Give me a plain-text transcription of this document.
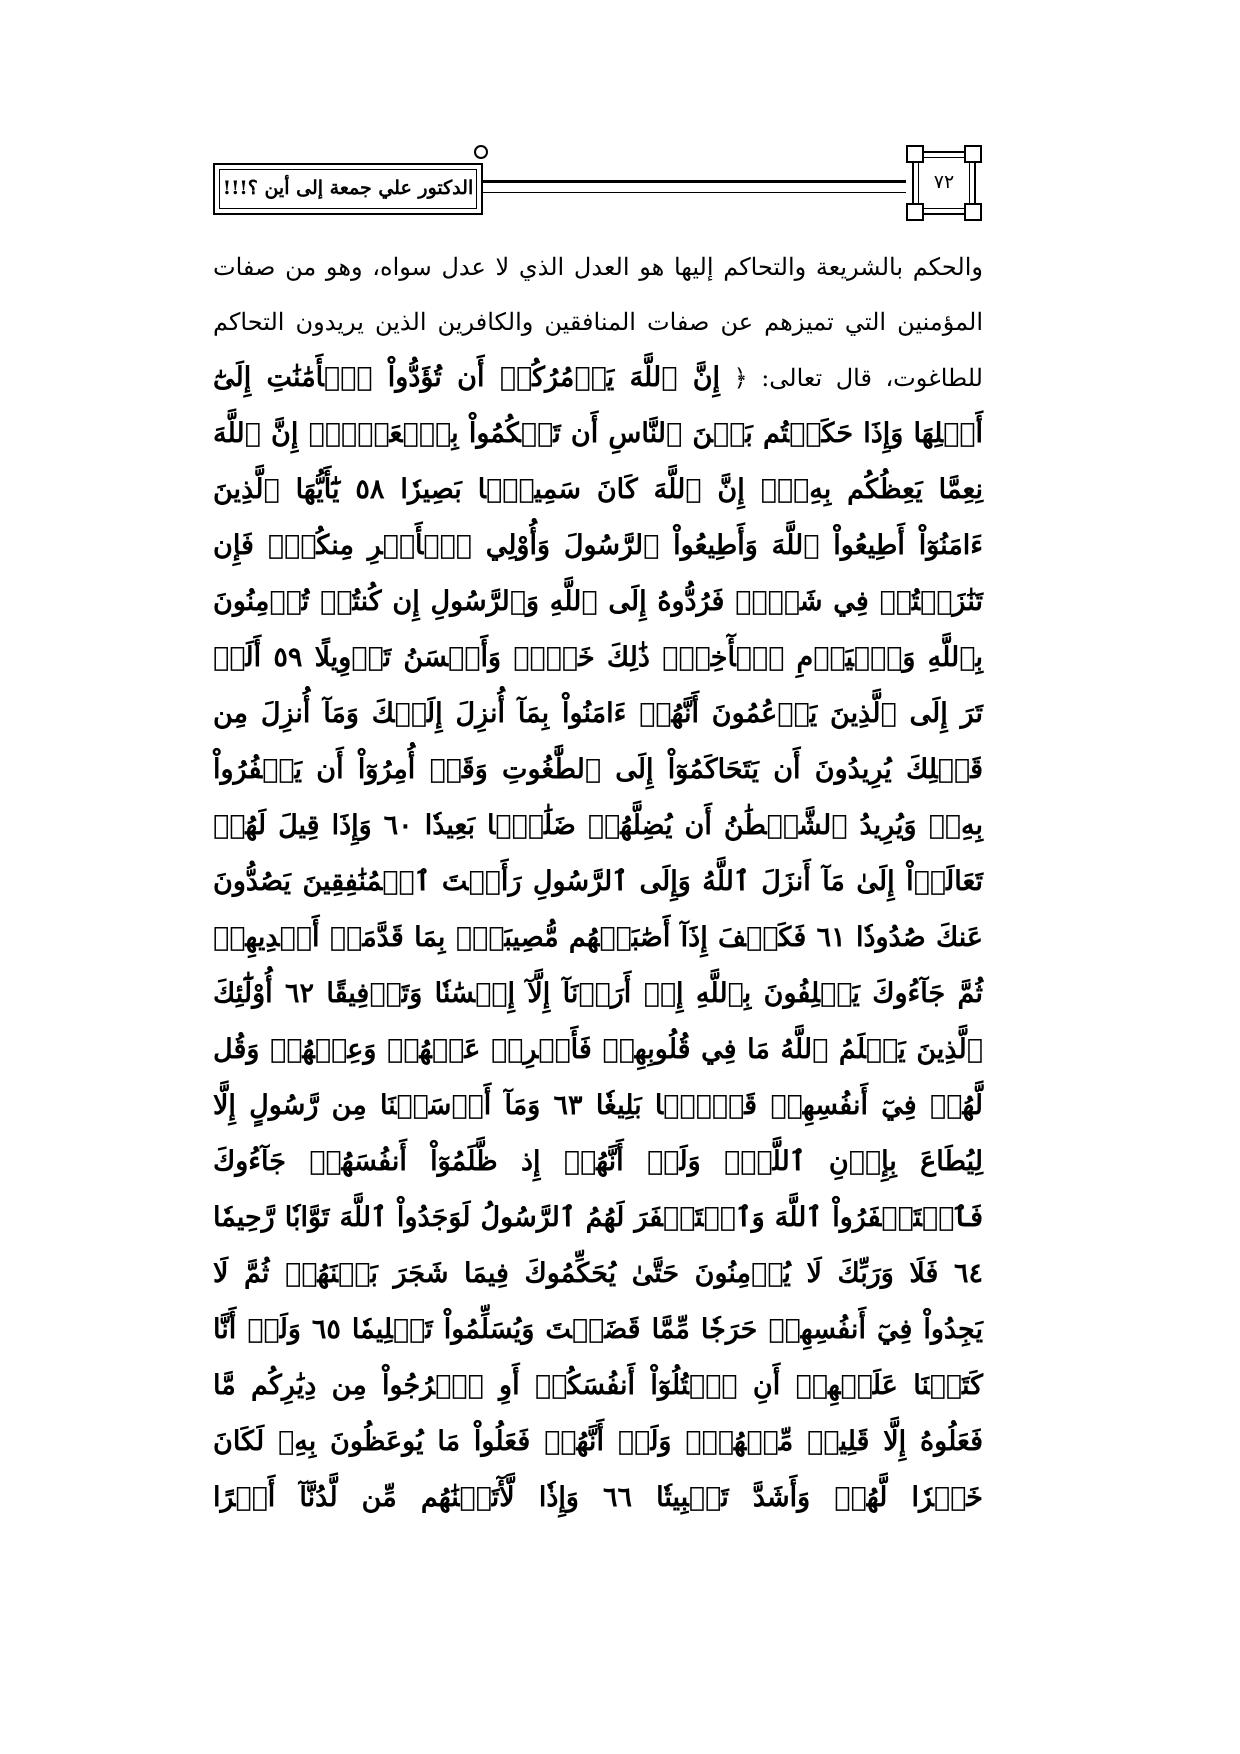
الدكتور علي جمعة إلى أين ؟!!!	٧٢

والحكم بالشريعة والتحاكم إليها هو العدل الذي لا عدل سواه، وهو من صفات المؤمنين التي تميزهم عن صفات المنافقين والكافرين الذين يريدون التحاكم للطاغوت، قال تعالى: ﴿ إِنَّ ٱللَّهَ يَأۡمُرُكُمۡ أَن تُؤَدُّواْ ٱلۡأَمَٰنَٰتِ إِلَىٰٓ أَهۡلِهَا وَإِذَا حَكَمۡتُم بَيۡنَ ٱلنَّاسِ أَن تَحۡكُمُواْ بِٱلۡعَدۡلِۚ إِنَّ ٱللَّهَ نِعِمَّا يَعِظُكُم بِهِۦٓۗ إِنَّ ٱللَّهَ كَانَ سَمِيعَۢا بَصِيرٗا ٥٨ يَٰٓأَيُّهَا ٱلَّذِينَ ءَامَنُوٓاْ أَطِيعُواْ ٱللَّهَ وَأَطِيعُواْ ٱلرَّسُولَ وَأُوْلِي ٱلۡأَمۡرِ مِنكُمۡۖ فَإِن تَنَٰزَعۡتُمۡ فِي شَيۡءٖ فَرُدُّوهُ إِلَى ٱللَّهِ وَٱلرَّسُولِ إِن كُنتُمۡ تُؤۡمِنُونَ بِٱللَّهِ وَٱلۡيَوۡمِ ٱلۡأٓخِرِۚ ذَٰلِكَ خَيۡرٞ وَأَحۡسَنُ تَأۡوِيلًا ٥٩ أَلَمۡ تَرَ إِلَى ٱلَّذِينَ يَزۡعُمُونَ أَنَّهُمۡ ءَامَنُواْ بِمَآ أُنزِلَ إِلَيۡكَ وَمَآ أُنزِلَ مِن قَبۡلِكَ يُرِيدُونَ أَن يَتَحَاكَمُوٓاْ إِلَى ٱلطَّٰغُوتِ وَقَدۡ أُمِرُوٓاْ أَن يَكۡفُرُواْ بِهِۦۖ وَيُرِيدُ ٱلشَّيۡطَٰنُ أَن يُضِلَّهُمۡ ضَلَٰلَۢا بَعِيدٗا ٦٠ وَإِذَا قِيلَ لَهُمۡ تَعَالَوۡاْ إِلَىٰ مَآ أَنزَلَ ٱللَّهُ وَإِلَى ٱلرَّسُولِ رَأَيۡتَ ٱلۡمُنَٰفِقِينَ يَصُدُّونَ عَنكَ صُدُودٗا ٦١ فَكَيۡفَ إِذَآ أَصَٰبَتۡهُم مُّصِيبَةُۢ بِمَا قَدَّمَتۡ أَيۡدِيهِمۡ ثُمَّ جَآءُوكَ يَحۡلِفُونَ بِٱللَّهِ إِنۡ أَرَدۡنَآ إِلَّآ إِحۡسَٰنٗا وَتَوۡفِيقًا ٦٢ أُوْلَٰٓئِكَ ٱلَّذِينَ يَعۡلَمُ ٱللَّهُ مَا فِي قُلُوبِهِمۡ فَأَعۡرِضۡ عَنۡهُمۡ وَعِظۡهُمۡ وَقُل لَّهُمۡ فِيٓ أَنفُسِهِمۡ قَوۡلَۢا بَلِيغٗا ٦٣ وَمَآ أَرۡسَلۡنَا مِن رَّسُولٍ إِلَّا لِيُطَاعَ بِإِذۡنِ ٱللَّهِۚ وَلَوۡ أَنَّهُمۡ إِذ ظَّلَمُوٓاْ أَنفُسَهُمۡ جَآءُوكَ فَٱسۡتَغۡفَرُواْ ٱللَّهَ وَٱسۡتَغۡفَرَ لَهُمُ ٱلرَّسُولُ لَوَجَدُواْ ٱللَّهَ تَوَّابٗا رَّحِيمٗا ٦٤ فَلَا وَرَبِّكَ لَا يُؤۡمِنُونَ حَتَّىٰ يُحَكِّمُوكَ فِيمَا شَجَرَ بَيۡنَهُمۡ ثُمَّ لَا يَجِدُواْ فِيٓ أَنفُسِهِمۡ حَرَجٗا مِّمَّا قَضَيۡتَ وَيُسَلِّمُواْ تَسۡلِيمٗا ٦٥ وَلَوۡ أَنَّا كَتَبۡنَا عَلَيۡهِمۡ أَنِ ٱقۡتُلُوٓاْ أَنفُسَكُمۡ أَوِ ٱخۡرُجُواْ مِن دِيَٰرِكُم مَّا فَعَلُوهُ إِلَّا قَلِيلٞ مِّنۡهُمۡۖ وَلَوۡ أَنَّهُمۡ فَعَلُواْ مَا يُوعَظُونَ بِهِۦ لَكَانَ خَيۡرٗا لَّهُمۡ وَأَشَدَّ تَثۡبِيتٗا ٦٦ وَإِذٗا لَّأٓتَيۡنَٰهُم مِّن لَّدُنَّآ أَجۡرًا
